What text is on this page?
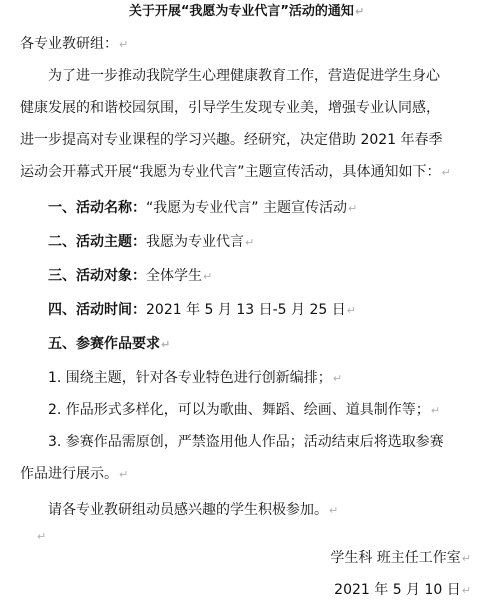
关于开展“我愿为专业代言”活动的通知↵
各专业教研组：↵
为了进一步推动我院学生心理健康教育工作，营造促进学生身心
健康发展的和谐校园氛围，引导学生发现专业美，增强专业认同感，
进一步提高对专业课程的学习兴趣。经研究，决定借助 2021 年春季
运动会开幕式开展“我愿为专业代言”主题宣传活动，具体通知如下：↵
一、活动名称：“我愿为专业代言” 主题宣传活动↵
二、活动主题：我愿为专业代言↵
三、活动对象：全体学生↵
四、活动时间：2021 年 5 月 13 日-5 月 25 日↵
五、参赛作品要求↵
1. 围绕主题，针对各专业特色进行创新编排；↵
2. 作品形式多样化，可以为歌曲、舞蹈、绘画、道具制作等；↵
3. 参赛作品需原创，严禁盗用他人作品；活动结束后将选取参赛
作品进行展示。↵
请各专业教研组动员感兴趣的学生积极参加。↵
↵
学生科 班主任工作室↵
2021 年 5 月 10 日↵
